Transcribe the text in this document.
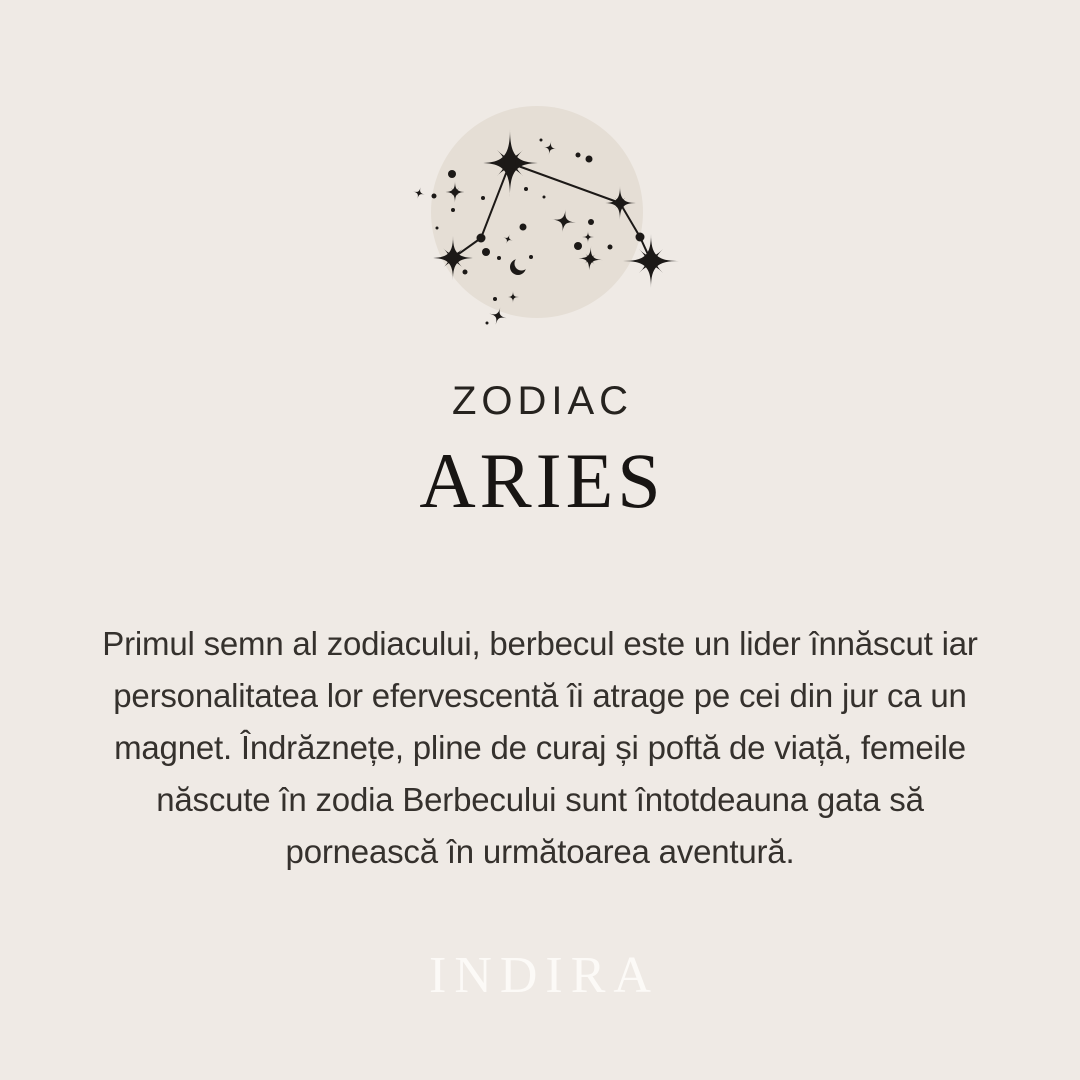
ZODIAC
ARIES

Primul semn al zodiacului, berbecul este un lider înnăscut iar
personalitatea lor efervescentă îi atrage pe cei din jur ca un
magnet. Îndrăznețe, pline de curaj și poftă de viață, femeile
născute în zodia Berbecului sunt întotdeauna gata să
pornească în următoarea aventură.

INDIRA
